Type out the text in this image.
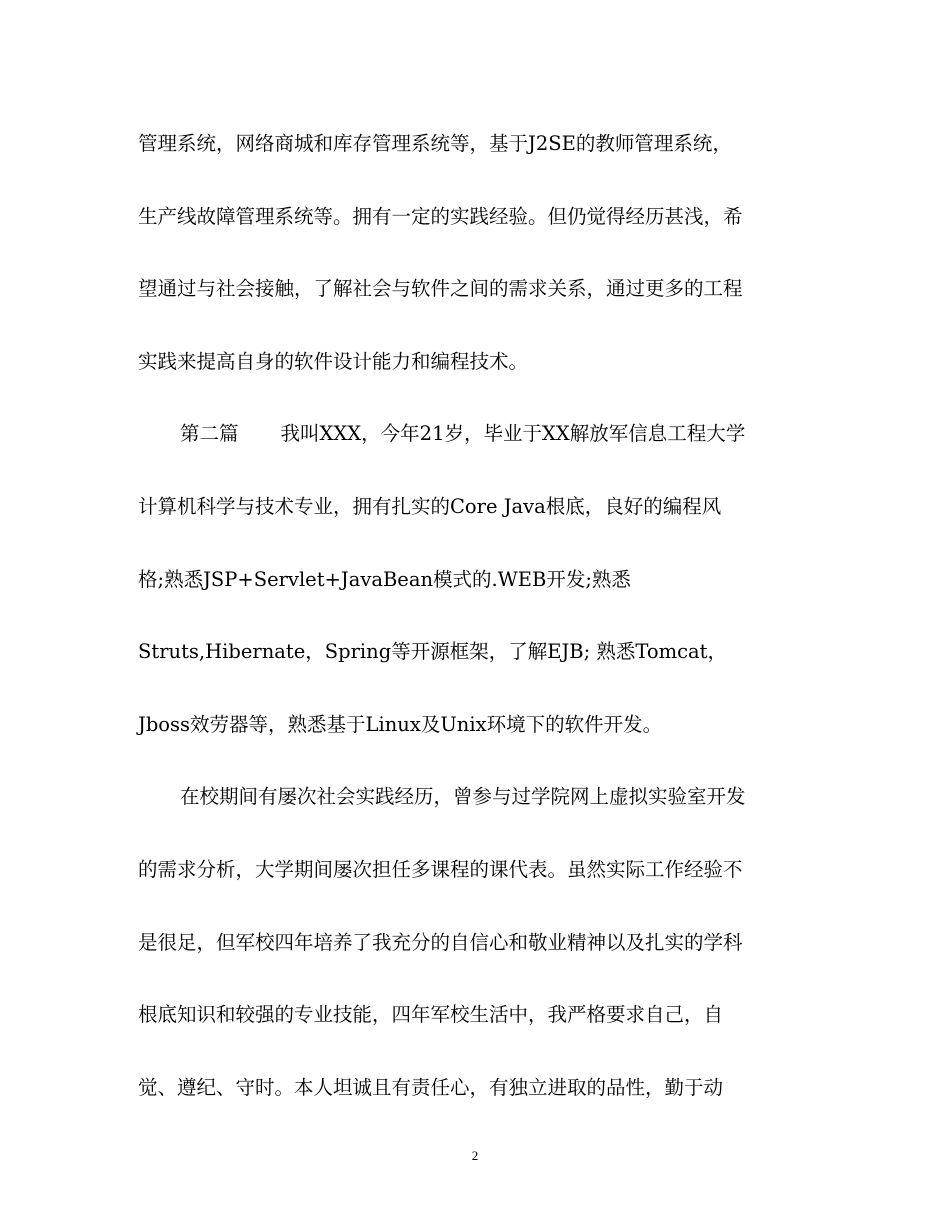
管理系统，网络商城和库存管理系统等，基于J2SE的教师管理系统，
生产线故障管理系统等。拥有一定的实践经验。但仍觉得经历甚浅，希
望通过与社会接触，了解社会与软件之间的需求关系，通过更多的工程
实践来提高自身的软件设计能力和编程技术。
第二篇 我叫XXX，今年21岁，毕业于XX解放军信息工程大学
计算机科学与技术专业，拥有扎实的Core Java根底，良好的编程风
格;熟悉JSP+Servlet+JavaBean模式的.WEB开发;熟悉
Struts,Hibernate，Spring等开源框架，了解EJB; 熟悉Tomcat，
Jboss效劳器等，熟悉基于Linux及Unix环境下的软件开发。
在校期间有屡次社会实践经历，曾参与过学院网上虚拟实验室开发
的需求分析，大学期间屡次担任多课程的课代表。虽然实际工作经验不
是很足，但军校四年培养了我充分的自信心和敬业精神以及扎实的学科
根底知识和较强的专业技能，四年军校生活中，我严格要求自己，自
觉、遵纪、守时。本人坦诚且有责任心，有独立进取的品性，勤于动
2
